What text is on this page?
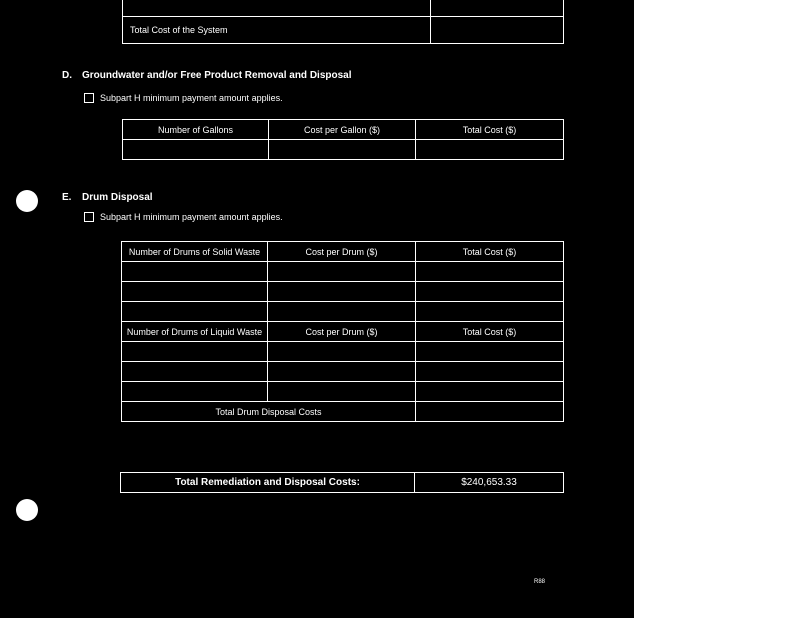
Total Cost of the System	
D. Groundwater and/or Free Product Removal and Disposal
Subpart H minimum payment amount applies.
Number of Gallons	Cost per Gallon ($)	Total Cost ($)

E. Drum Disposal
Subpart H minimum payment amount applies.
Number of Drums of Solid Waste	Cost per Drum ($)	Total Cost ($)

Number of Drums of Liquid Waste	Cost per Drum ($)	Total Cost ($)

Total Drum Disposal Costs		
Total Remediation and Disposal Costs:	$240,653.33
R88
